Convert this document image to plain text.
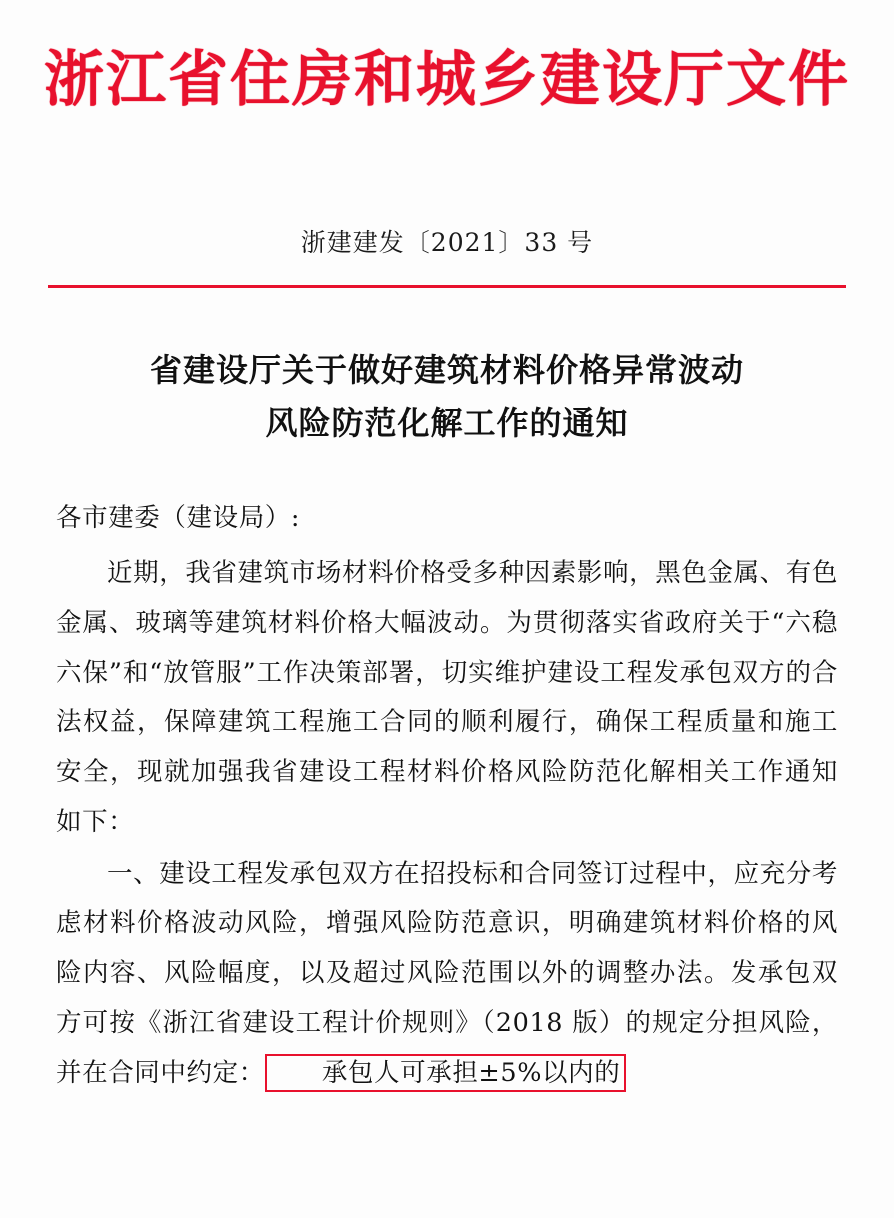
浙江省住房和城乡建设厅文件
浙建建发〔2021〕33 号
省建设厅关于做好建筑材料价格异常波动
风险防范化解工作的通知

各市建委（建设局）:

近期，我省建筑市场材料价格受多种因素影响，黑色金属、有色金属、玻璃等建筑材料价格大幅波动。为贯彻落实省政府关于“六稳六保”和“放管服”工作决策部署，切实维护建设工程发承包双方的合法权益，保障建筑工程施工合同的顺利履行，确保工程质量和施工安全，现就加强我省建设工程材料价格风险防范化解相关工作通知如下：

一、建设工程发承包双方在招投标和合同签订过程中，应充分考虑材料价格波动风险，增强风险防范意识，明确建筑材料价格的风险内容、风险幅度，以及超过风险范围以外的调整办法。发承包双方可按《浙江省建设工程计价规则》（2018 版）的规定分担风险，并在合同中约定： 承包人可承担±5%以内的
